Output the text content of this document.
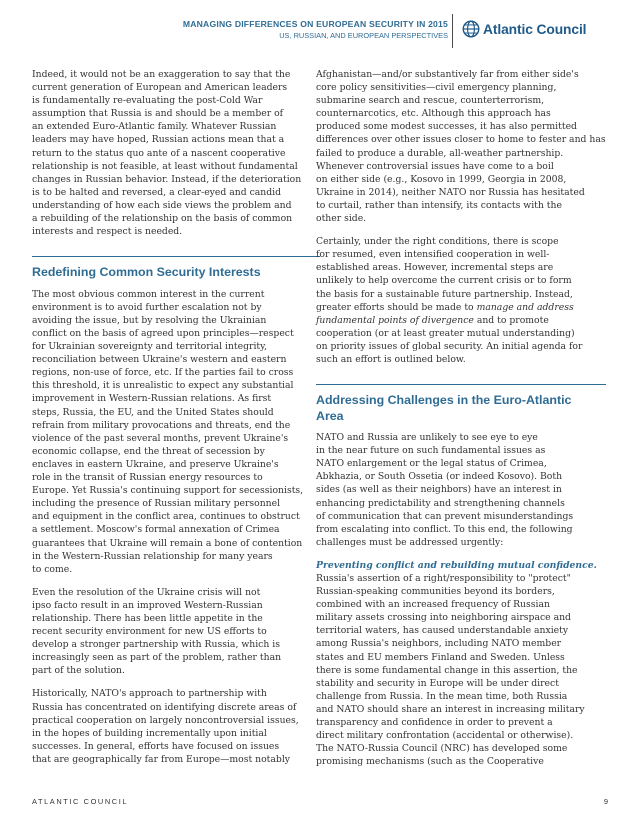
MANAGING DIFFERENCES ON EUROPEAN SECURITY IN 2015
US, RUSSIAN, AND EUROPEAN PERSPECTIVES	Atlantic Council

Indeed, it would not be an exaggeration to say that the
current generation of European and American leaders
is fundamentally re-evaluating the post-Cold War
assumption that Russia is and should be a member of
an extended Euro-Atlantic family. Whatever Russian
leaders may have hoped, Russian actions mean that a
return to the status quo ante of a nascent cooperative
relationship is not feasible, at least without fundamental
changes in Russian behavior. Instead, if the deterioration
is to be halted and reversed, a clear-eyed and candid
understanding of how each side views the problem and
a rebuilding of the relationship on the basis of common
interests and respect is needed.

Redefining Common Security Interests

The most obvious common interest in the current
environment is to avoid further escalation not by
avoiding the issue, but by resolving the Ukrainian
conflict on the basis of agreed upon principles—respect
for Ukrainian sovereignty and territorial integrity,
reconciliation between Ukraine's western and eastern
regions, non-use of force, etc. If the parties fail to cross
this threshold, it is unrealistic to expect any substantial
improvement in Western-Russian relations. As first
steps, Russia, the EU, and the United States should
refrain from military provocations and threats, end the
violence of the past several months, prevent Ukraine's
economic collapse, end the threat of secession by
enclaves in eastern Ukraine, and preserve Ukraine's
role in the transit of Russian energy resources to
Europe. Yet Russia's continuing support for secessionists,
including the presence of Russian military personnel
and equipment in the conflict area, continues to obstruct
a settlement. Moscow's formal annexation of Crimea
guarantees that Ukraine will remain a bone of contention
in the Western-Russian relationship for many years
to come.

Even the resolution of the Ukraine crisis will not
ipso facto result in an improved Western-Russian
relationship. There has been little appetite in the
recent security environment for new US efforts to
develop a stronger partnership with Russia, which is
increasingly seen as part of the problem, rather than
part of the solution.

Historically, NATO's approach to partnership with
Russia has concentrated on identifying discrete areas of
practical cooperation on largely noncontroversial issues,
in the hopes of building incrementally upon initial
successes. In general, efforts have focused on issues
that are geographically far from Europe—most notably

Afghanistan—and/or substantively far from either side's
core policy sensitivities—civil emergency planning,
submarine search and rescue, counterterrorism,
counternarcotics, etc. Although this approach has
produced some modest successes, it has also permitted
differences over other issues closer to home to fester and has
failed to produce a durable, all-weather partnership.
Whenever controversial issues have come to a boil
on either side (e.g., Kosovo in 1999, Georgia in 2008,
Ukraine in 2014), neither NATO nor Russia has hesitated
to curtail, rather than intensify, its contacts with the
other side.

Certainly, under the right conditions, there is scope
for resumed, even intensified cooperation in well-
established areas. However, incremental steps are
unlikely to help overcome the current crisis or to form
the basis for a sustainable future partnership. Instead,
greater efforts should be made to manage and address
fundamental points of divergence and to promote
cooperation (or at least greater mutual understanding)
on priority issues of global security. An initial agenda for
such an effort is outlined below.

Addressing Challenges in the Euro-Atlantic
Area

NATO and Russia are unlikely to see eye to eye
in the near future on such fundamental issues as
NATO enlargement or the legal status of Crimea,
Abkhazia, or South Ossetia (or indeed Kosovo). Both
sides (as well as their neighbors) have an interest in
enhancing predictability and strengthening channels
of communication that can prevent misunderstandings
from escalating into conflict. To this end, the following
challenges must be addressed urgently:

Preventing conflict and rebuilding mutual confidence.
Russia's assertion of a right/responsibility to "protect"
Russian-speaking communities beyond its borders,
combined with an increased frequency of Russian
military assets crossing into neighboring airspace and
territorial waters, has caused understandable anxiety
among Russia's neighbors, including NATO member
states and EU members Finland and Sweden. Unless
there is some fundamental change in this assertion, the
stability and security in Europe will be under direct
challenge from Russia. In the mean time, both Russia
and NATO should share an interest in increasing military
transparency and confidence in order to prevent a
direct military confrontation (accidental or otherwise).
The NATO-Russia Council (NRC) has developed some
promising mechanisms (such as the Cooperative

ATLANTIC COUNCIL	9
